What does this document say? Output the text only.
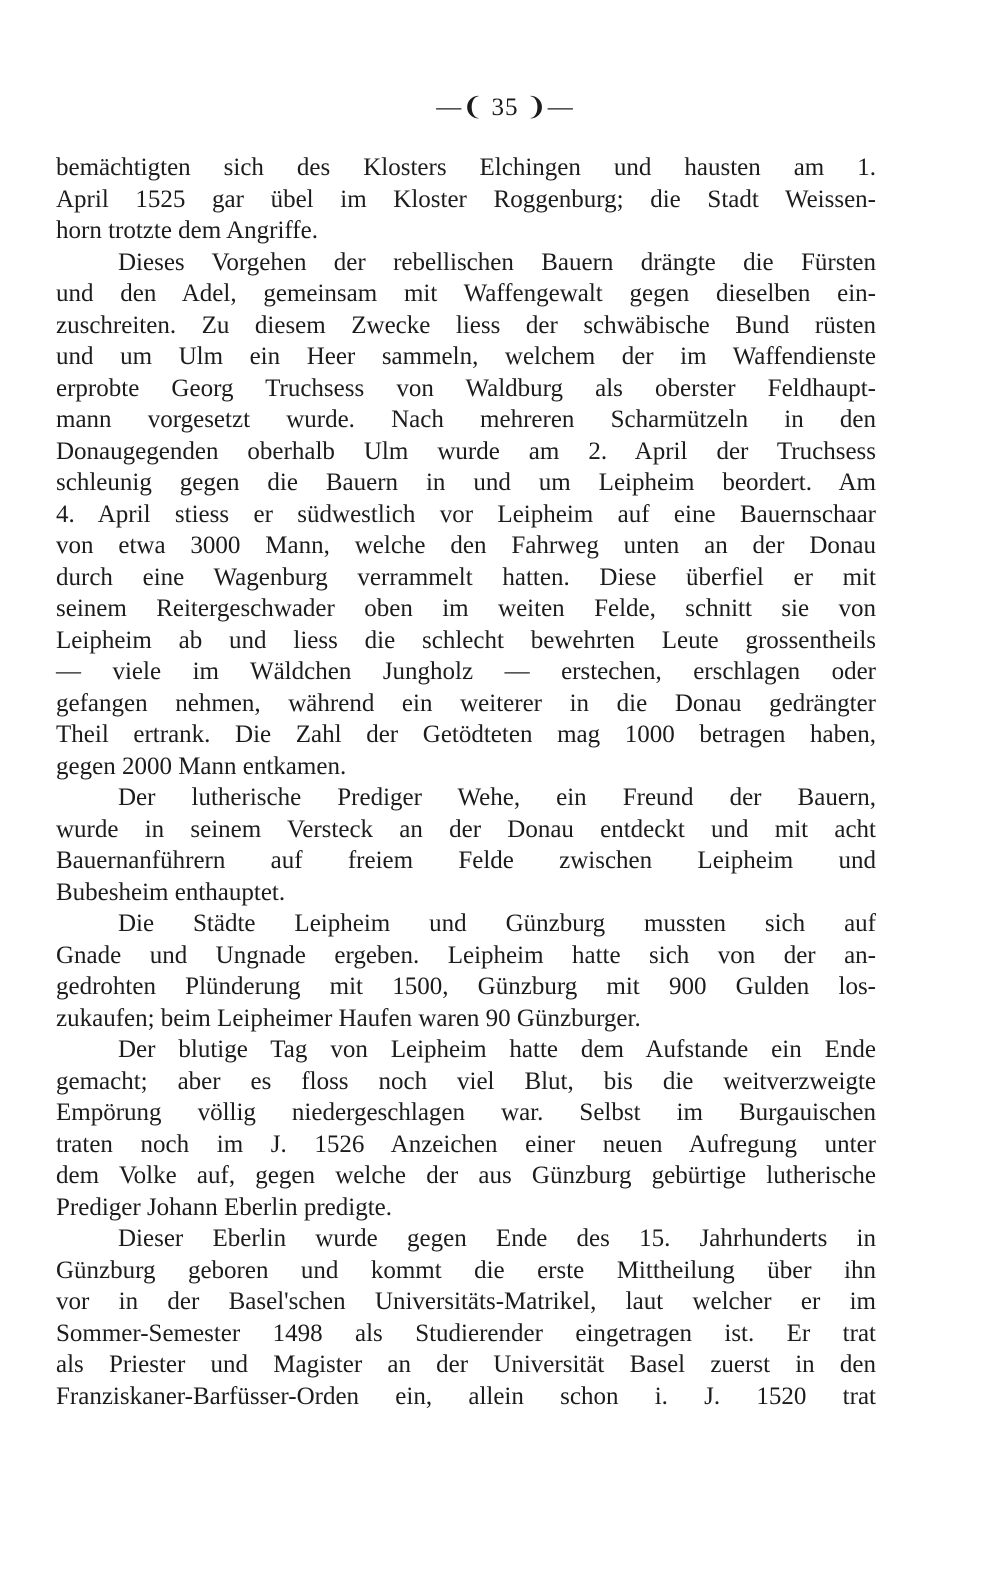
—❨ 35 ❩—
bemächtigten sich des Klosters Elchingen und hausten am 1.
April 1525 gar übel im Kloster Roggenburg; die Stadt Weissen-
horn trotzte dem Angriffe.
Dieses Vorgehen der rebellischen Bauern drängte die Fürsten
und den Adel, gemeinsam mit Waffengewalt gegen dieselben ein-
zuschreiten. Zu diesem Zwecke liess der schwäbische Bund rüsten
und um Ulm ein Heer sammeln, welchem der im Waffendienste
erprobte Georg Truchsess von Waldburg als oberster Feldhaupt-
mann vorgesetzt wurde. Nach mehreren Scharmützeln in den
Donaugegenden oberhalb Ulm wurde am 2. April der Truchsess
schleunig gegen die Bauern in und um Leipheim beordert. Am
4. April stiess er südwestlich vor Leipheim auf eine Bauernschaar
von etwa 3000 Mann, welche den Fahrweg unten an der Donau
durch eine Wagenburg verrammelt hatten. Diese überfiel er mit
seinem Reitergeschwader oben im weiten Felde, schnitt sie von
Leipheim ab und liess die schlecht bewehrten Leute grossentheils
— viele im Wäldchen Jungholz — erstechen, erschlagen oder
gefangen nehmen, während ein weiterer in die Donau gedrängter
Theil ertrank. Die Zahl der Getödteten mag 1000 betragen haben,
gegen 2000 Mann entkamen.
Der lutherische Prediger Wehe, ein Freund der Bauern,
wurde in seinem Versteck an der Donau entdeckt und mit acht
Bauernanführern auf freiem Felde zwischen Leipheim und
Bubesheim enthauptet.
Die Städte Leipheim und Günzburg mussten sich auf
Gnade und Ungnade ergeben. Leipheim hatte sich von der an-
gedrohten Plünderung mit 1500, Günzburg mit 900 Gulden los-
zukaufen; beim Leipheimer Haufen waren 90 Günzburger.
Der blutige Tag von Leipheim hatte dem Aufstande ein Ende
gemacht; aber es floss noch viel Blut, bis die weitverzweigte
Empörung völlig niedergeschlagen war. Selbst im Burgauischen
traten noch im J. 1526 Anzeichen einer neuen Aufregung unter
dem Volke auf, gegen welche der aus Günzburg gebürtige lutherische
Prediger Johann Eberlin predigte.
Dieser Eberlin wurde gegen Ende des 15. Jahrhunderts in
Günzburg geboren und kommt die erste Mittheilung über ihn
vor in der Basel'schen Universitäts-Matrikel, laut welcher er im
Sommer-Semester 1498 als Studierender eingetragen ist. Er trat
als Priester und Magister an der Universität Basel zuerst in den
Franziskaner-Barfüsser-Orden ein, allein schon i. J. 1520 trat
